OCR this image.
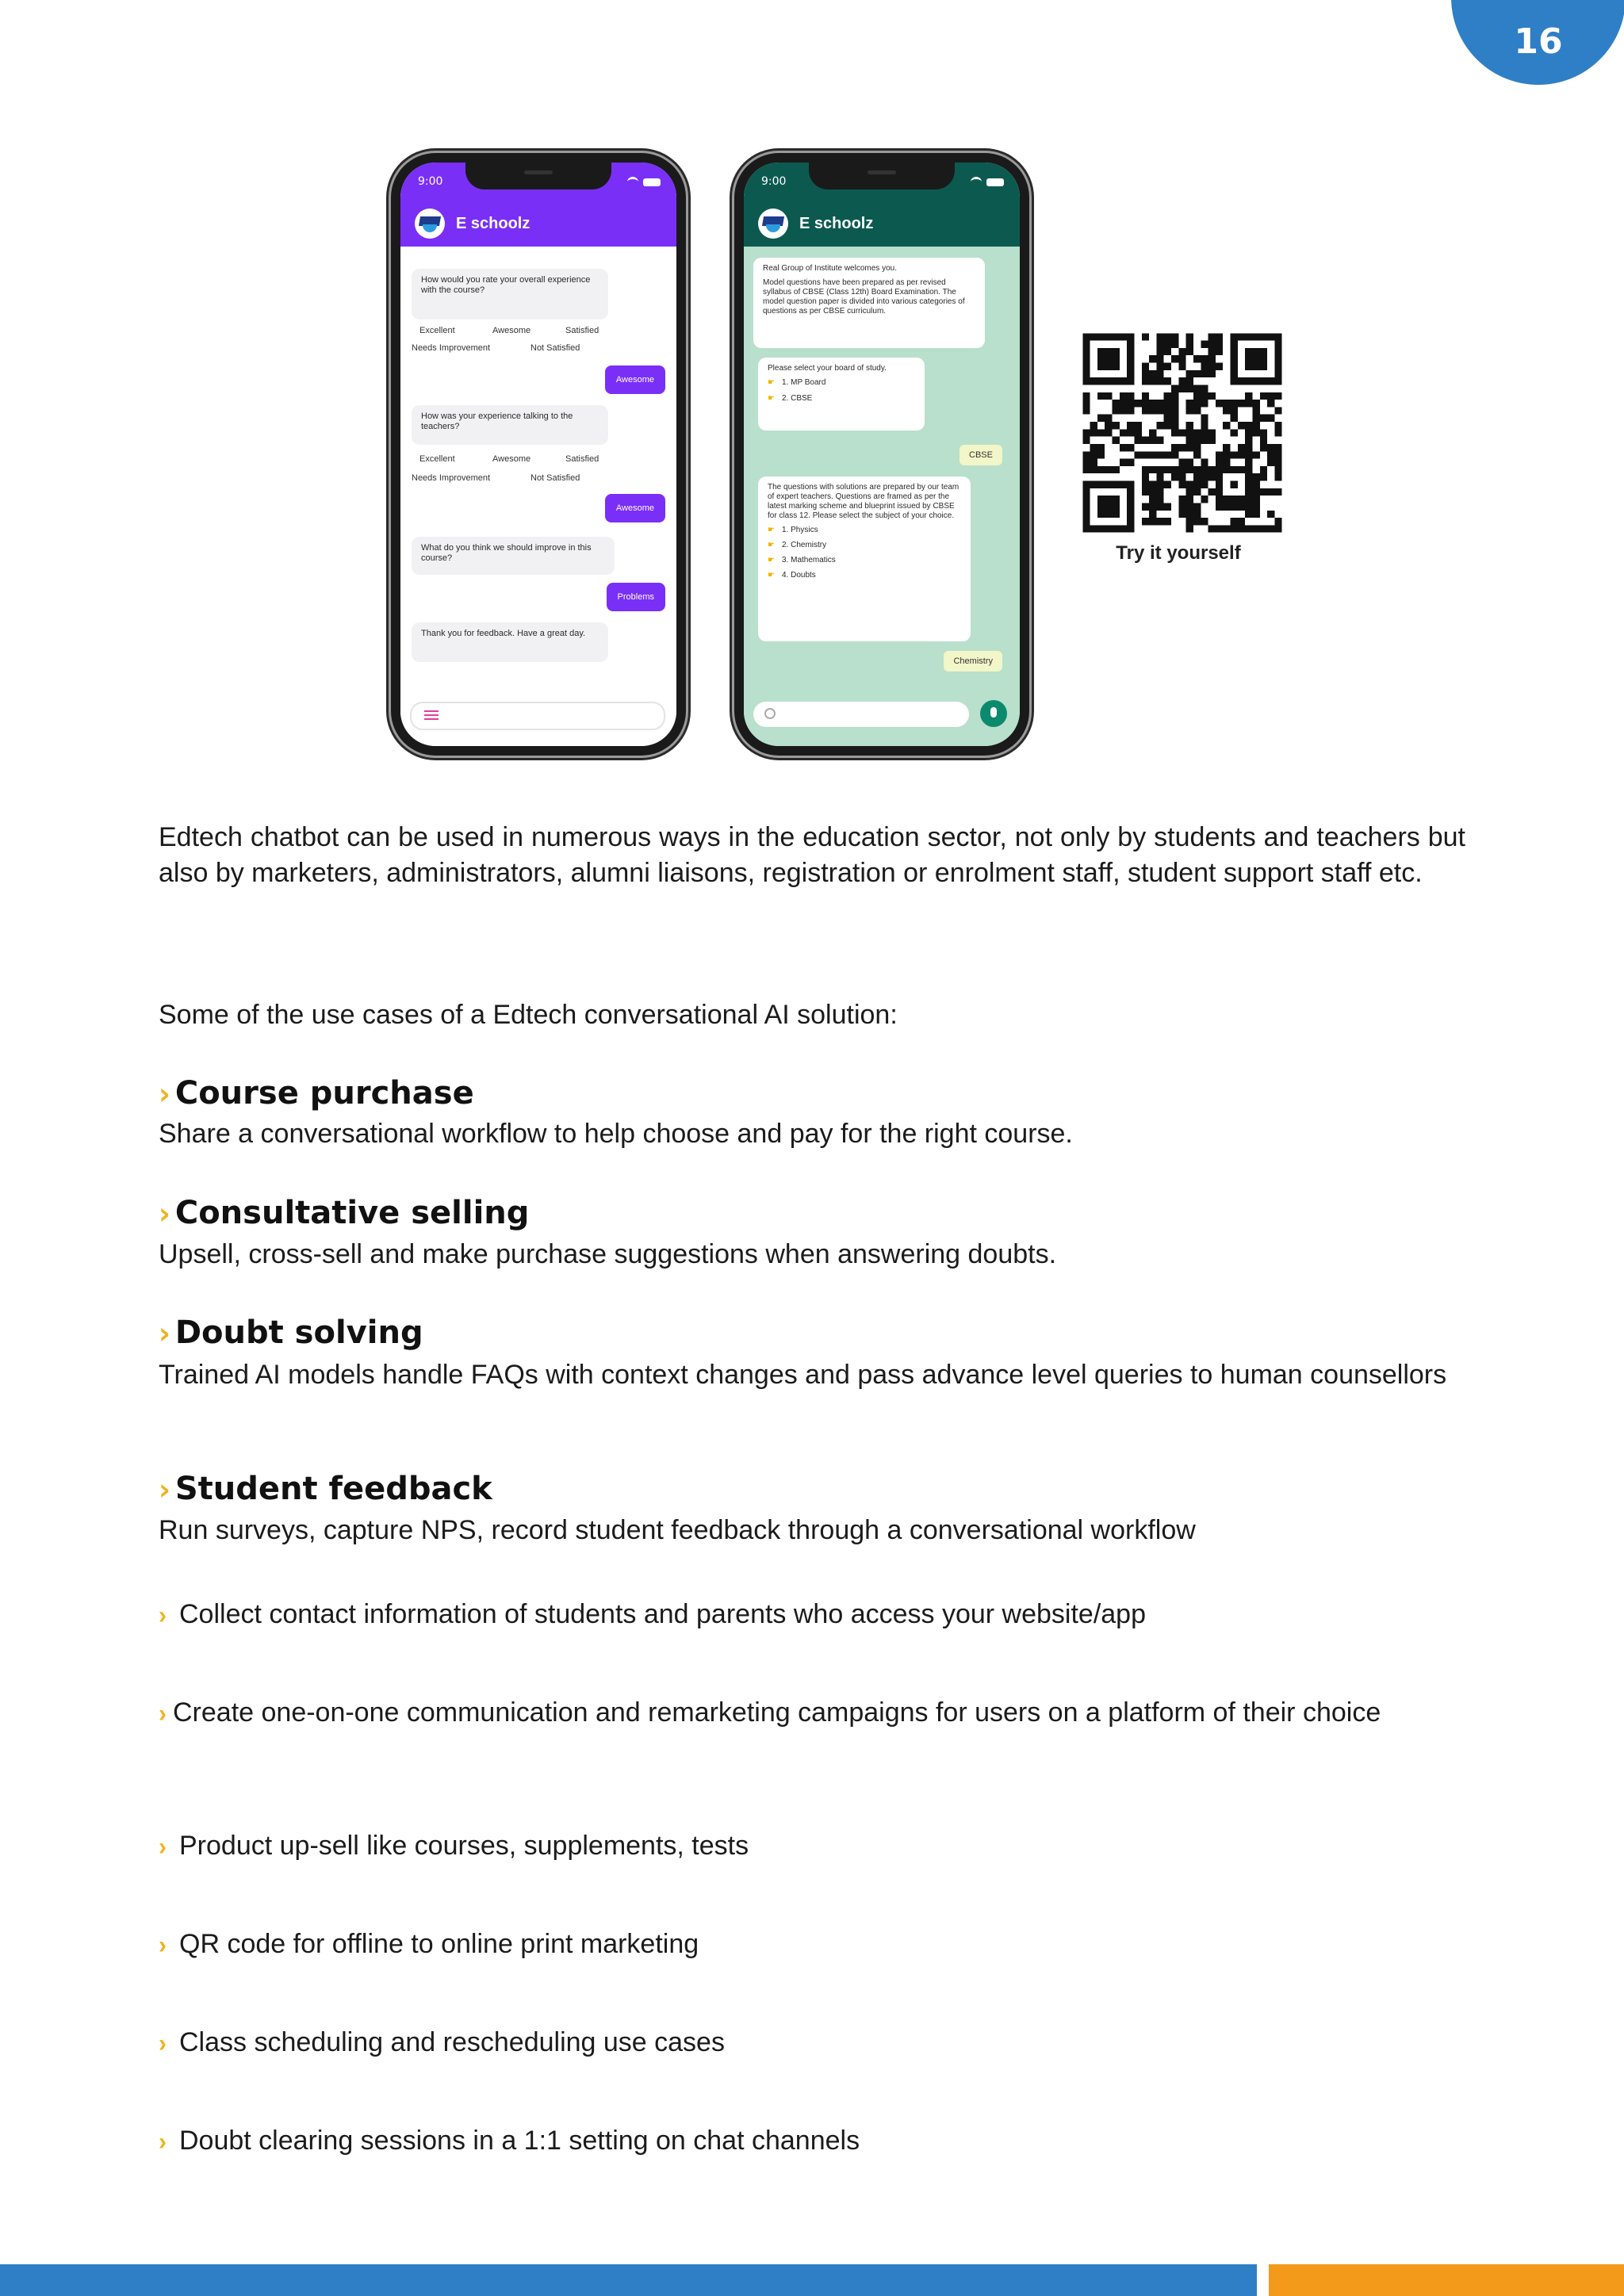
16
9:00
E schoolz
How would you rate your overall experience with the course?
Excellent	Awesome	Satisfied
Needs Improvement	Not Satisfied
Awesome
How was your experience talking to the teachers?
Excellent	Awesome	Satisfied
Needs Improvement	Not Satisfied
Awesome
What do you think we should improve in this course?
Problems
Thank you for feedback. Have a great day.
9:00
E schoolz
Real Group of Institute welcomes you.
Model questions have been prepared as per revised syllabus of CBSE (Class 12th) Board Examination. The model question paper is divided into various categories of questions as per CBSE curriculum.
Please select your board of study.
☛ 1. MP Board
☛ 2. CBSE
CBSE
The questions with solutions are prepared by our team of expert teachers. Questions are framed as per the latest marking scheme and blueprint issued by CBSE for class 12. Please select the subject of your choice.
☛ 1. Physics
☛ 2. Chemistry
☛ 3. Mathematics
☛ 4. Doubts
Chemistry
Try it yourself
Edtech chatbot can be used in numerous ways in the education sector, not only by students and teachers but also by marketers, administrators, alumni liaisons, registration or enrolment staff, student support staff etc.
Some of the use cases of a Edtech conversational AI solution:
› Course purchase
Share a conversational workflow to help choose and pay for the right course.
› Consultative selling
Upsell, cross-sell and make purchase suggestions when answering doubts.
› Doubt solving
Trained AI models handle FAQs with context changes and pass advance level queries to human counsellors
› Student feedback
Run surveys, capture NPS, record student feedback through a conversational workflow
› Collect contact information of students and parents who access your website/app
› Create one-on-one communication and remarketing campaigns for users on a platform of their choice
› Product up-sell like courses, supplements, tests
› QR code for offline to online print marketing
› Class scheduling and rescheduling use cases
› Doubt clearing sessions in a 1:1 setting on chat channels
